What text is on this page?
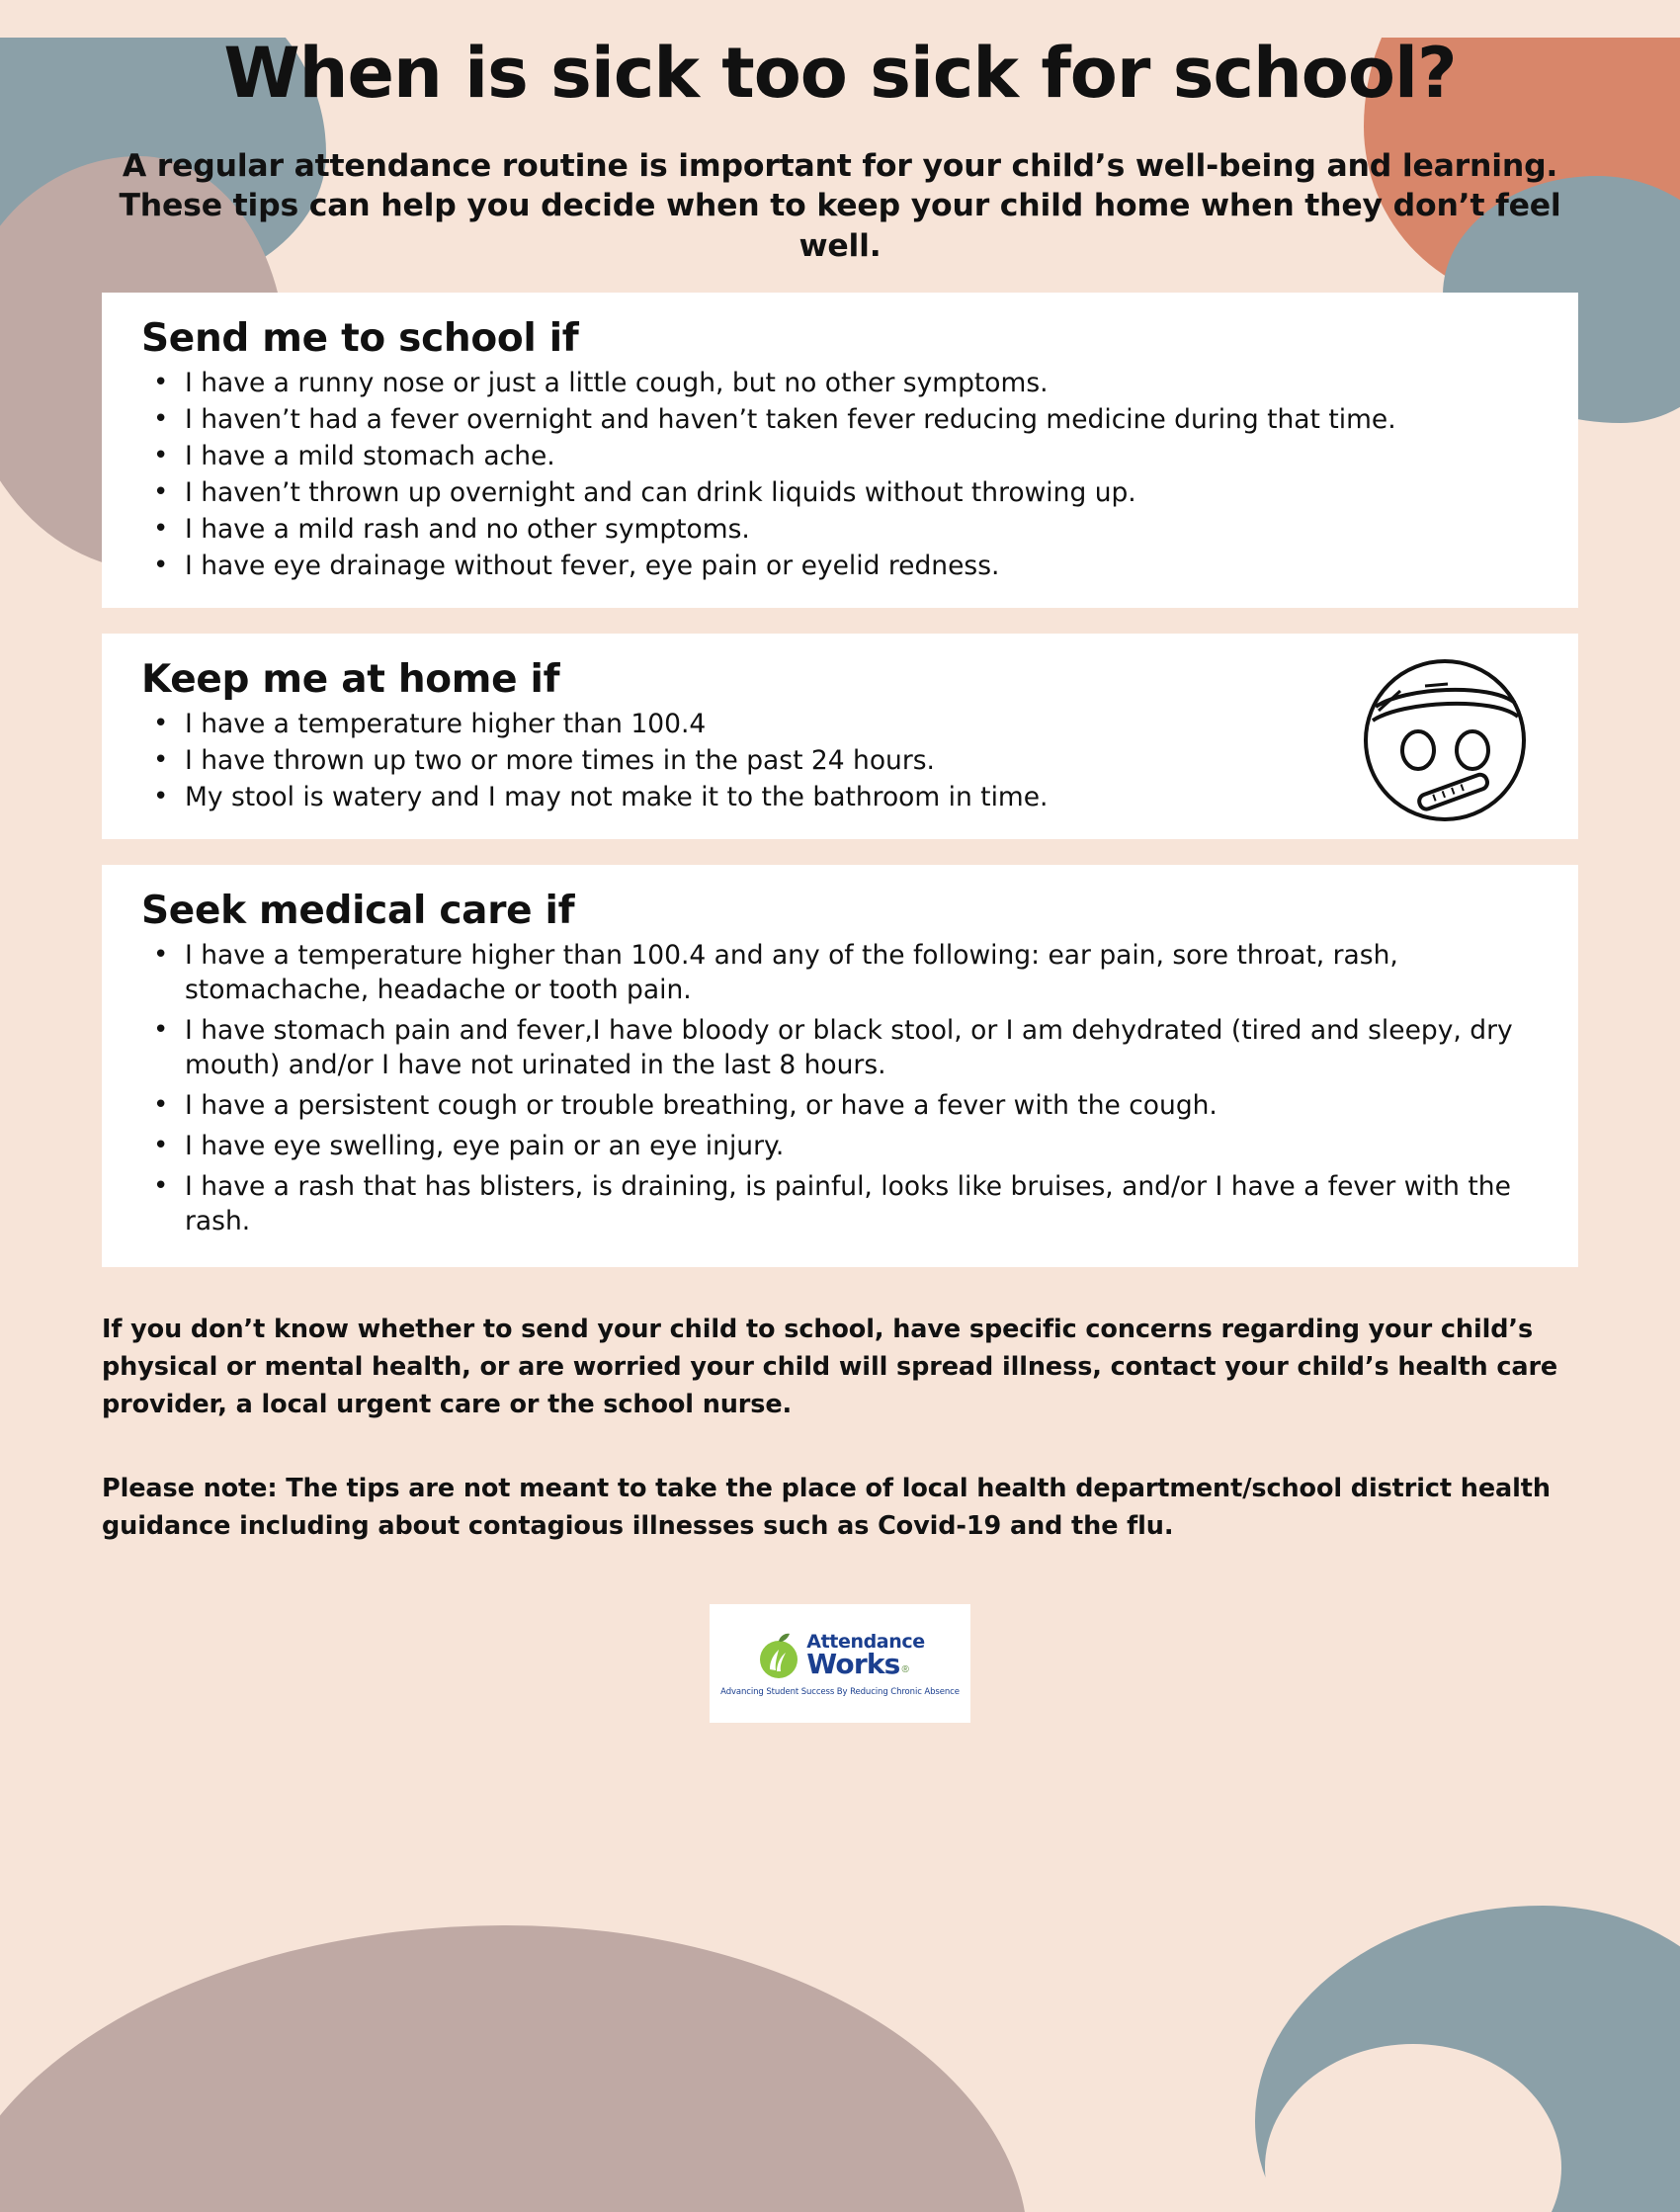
When is sick too sick for school?

A regular attendance routine is important for your child’s well-being and learning. These tips can help you decide when to keep your child home when they don’t feel well.

Send me to school if
• I have a runny nose or just a little cough, but no other symptoms.
• I haven’t had a fever overnight and haven’t taken fever reducing medicine during that time.
• I have a mild stomach ache.
• I haven’t thrown up overnight and can drink liquids without throwing up.
• I have a mild rash and no other symptoms.
• I have eye drainage without fever, eye pain or eyelid redness.
Keep me at home if
• I have a temperature higher than 100.4
• I have thrown up two or more times in the past 24 hours.
• My stool is watery and I may not make it to the bathroom in time.
Seek medical care if
• I have a temperature higher than 100.4 and any of the following: ear pain, sore throat, rash, stomachache, headache or tooth pain.
• I have stomach pain and fever,I have bloody or black stool, or I am dehydrated (tired and sleepy, dry mouth) and/or I have not urinated in the last 8 hours.
• I have a persistent cough or trouble breathing, or have a fever with the cough.
• I have eye swelling, eye pain or an eye injury.
• I have a rash that has blisters, is draining, is painful, looks like bruises, and/or I have a fever with the rash.

If you don’t know whether to send your child to school, have specific concerns regarding your child’s physical or mental health, or are worried your child will spread illness, contact your child’s health care provider, a local urgent care or the school nurse.

Please note: The tips are not meant to take the place of local health department/school district health guidance including about contagious illnesses such as Covid-19 and the flu.

Attendance
Works ®
Advancing Student Success By Reducing Chronic Absence
